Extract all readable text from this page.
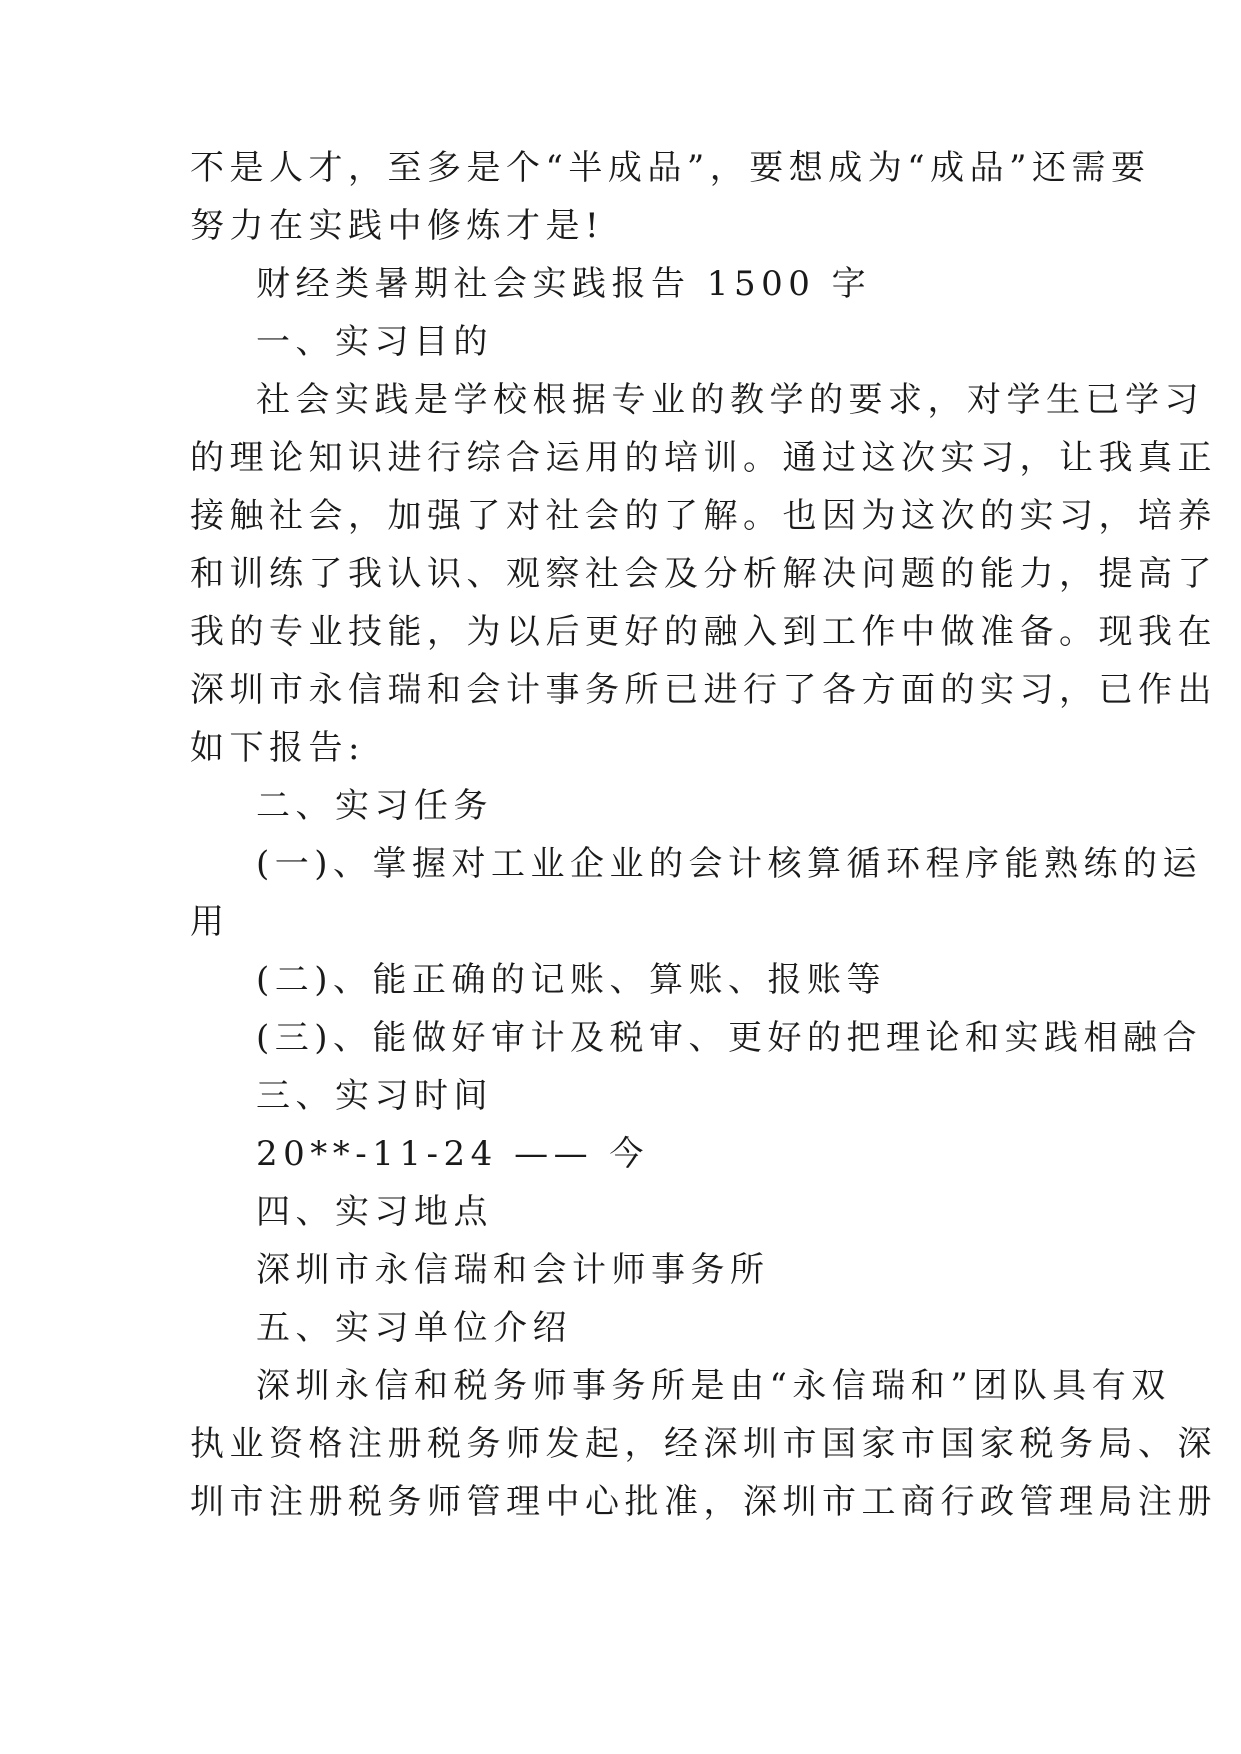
不是人才，至多是个“半成品”，要想成为“成品”还需要
努力在实践中修炼才是!
财经类暑期社会实践报告 1500 字
一、实习目的
社会实践是学校根据专业的教学的要求，对学生已学习
的理论知识进行综合运用的培训。通过这次实习，让我真正
接触社会，加强了对社会的了解。也因为这次的实习，培养
和训练了我认识、观察社会及分析解决问题的能力，提高了
我的专业技能，为以后更好的融入到工作中做准备。现我在
深圳市永信瑞和会计事务所已进行了各方面的实习，已作出
如下报告:
二、实习任务
(一)、掌握对工业企业的会计核算循环程序能熟练的运
用
(二)、能正确的记账、算账、报账等
(三)、能做好审计及税审、更好的把理论和实践相融合
三、实习时间
20**-11-24 —— 今
四、实习地点
深圳市永信瑞和会计师事务所
五、实习单位介绍
深圳永信和税务师事务所是由“永信瑞和”团队具有双
执业资格注册税务师发起，经深圳市国家市国家税务局、深
圳市注册税务师管理中心批准，深圳市工商行政管理局注册
